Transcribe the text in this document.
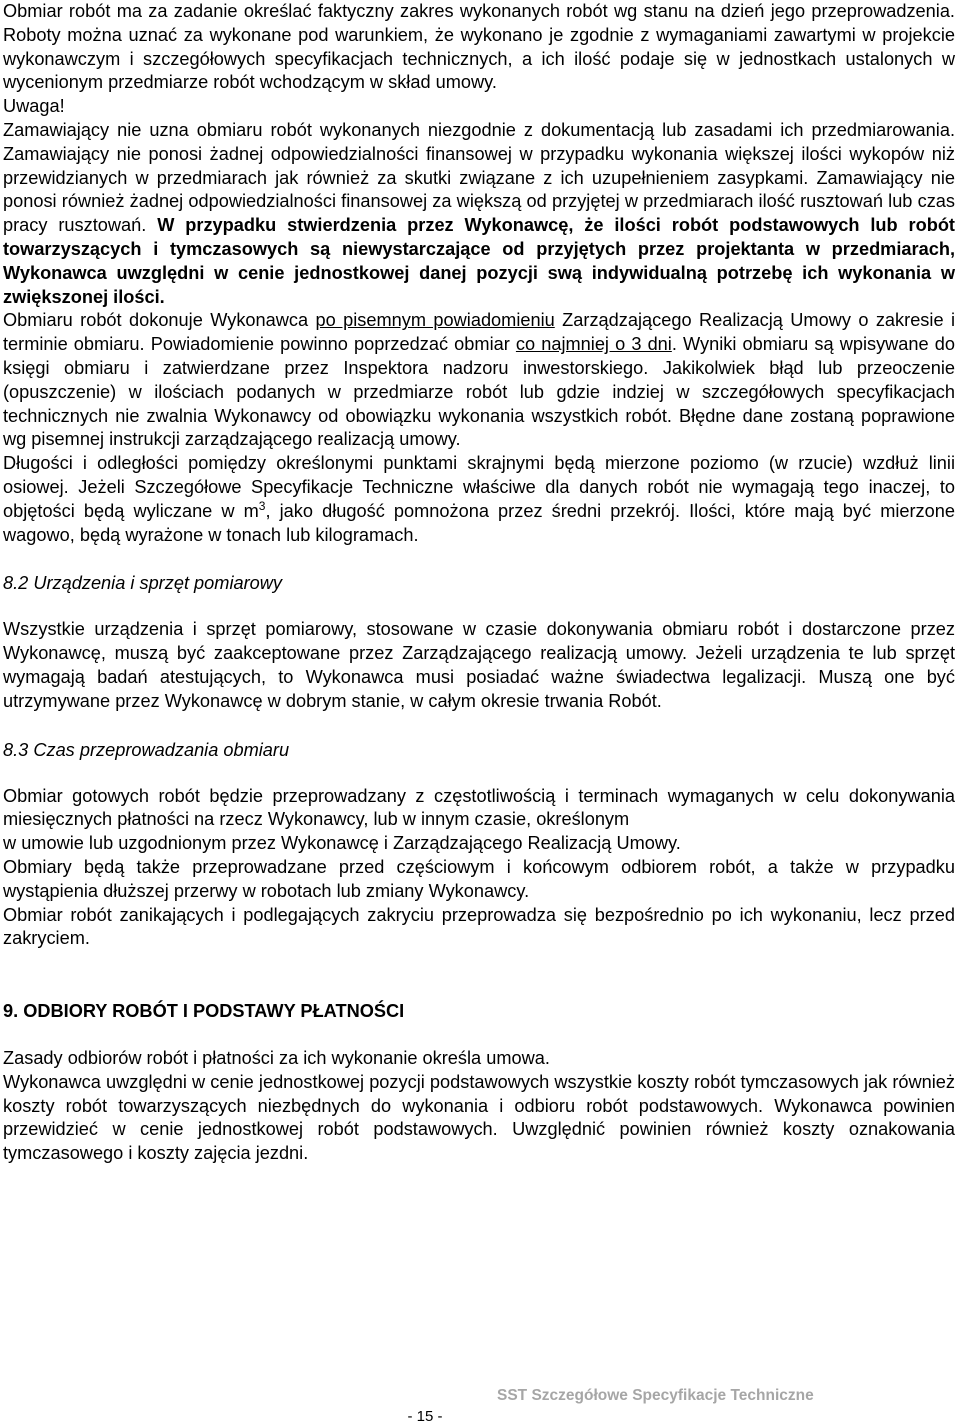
Obmiar robót ma za zadanie określać faktyczny zakres wykonanych robót wg stanu na dzień jego przeprowadzenia. Roboty można uznać za wykonane pod warunkiem, że wykonano je zgodnie z wymaganiami zawartymi w projekcie wykonawczym i szczegółowych specyfikacjach technicznych, a ich ilość podaje się w jednostkach ustalonych w wycenionym przedmiarze robót wchodzącym w skład umowy.

Uwaga!

Zamawiający nie uzna obmiaru robót wykonanych niezgodnie z dokumentacją lub zasadami ich przedmiarowania. Zamawiający nie ponosi żadnej odpowiedzialności finansowej w przypadku wykonania większej ilości wykopów niż przewidzianych w przedmiarach jak również za skutki związane z ich uzupełnieniem zasypkami. Zamawiający nie ponosi również żadnej odpowiedzialności finansowej za większą od przyjętej w przedmiarach ilość rusztowań lub czas pracy rusztowań. W przypadku stwierdzenia przez Wykonawcę, że ilości robót podstawowych lub robót towarzyszących i tymczasowych są niewystarczające od przyjętych przez projektanta w przedmiarach, Wykonawca uwzględni w cenie jednostkowej danej pozycji swą indywidualną potrzebę ich wykonania w zwiększonej ilości.

Obmiaru robót dokonuje Wykonawca po pisemnym powiadomieniu Zarządzającego Realizacją Umowy o zakresie i terminie obmiaru. Powiadomienie powinno poprzedzać obmiar co najmniej o 3 dni. Wyniki obmiaru są wpisywane do księgi obmiaru i zatwierdzane przez Inspektora nadzoru inwestorskiego. Jakikolwiek błąd lub przeoczenie (opuszczenie) w ilościach podanych w przedmiarze robót lub gdzie indziej w szczegółowych specyfikacjach technicznych nie zwalnia Wykonawcy od obowiązku wykonania wszystkich robót. Błędne dane zostaną poprawione wg pisemnej instrukcji zarządzającego realizacją umowy.

Długości i odległości pomiędzy określonymi punktami skrajnymi będą mierzone poziomo (w rzucie) wzdłuż linii osiowej. Jeżeli Szczegółowe Specyfikacje Techniczne właściwe dla danych robót nie wymagają tego inaczej, to objętości będą wyliczane w $m^3$, jako długość pomnożona przez średni przekrój. Ilości, które mają być mierzone wagowo, będą wyrażone w tonach lub kilogramach.

8.2 Urządzenia i sprzęt pomiarowy

Wszystkie urządzenia i sprzęt pomiarowy, stosowane w czasie dokonywania obmiaru robót i dostarczone przez Wykonawcę, muszą być zaakceptowane przez Zarządzającego realizacją umowy. Jeżeli urządzenia te lub sprzęt wymagają badań atestujących, to Wykonawca musi posiadać ważne świadectwa legalizacji. Muszą one być utrzymywane przez Wykonawcę w dobrym stanie, w całym okresie trwania Robót.

8.3 Czas przeprowadzania obmiaru

Obmiar gotowych robót będzie przeprowadzany z częstotliwością i terminach wymaganych w celu dokonywania miesięcznych płatności na rzecz Wykonawcy, lub w innym czasie, określonym

w umowie lub uzgodnionym przez Wykonawcę i Zarządzającego Realizacją Umowy.

Obmiary będą także przeprowadzane przed częściowym i końcowym odbiorem robót, a także w przypadku wystąpienia dłuższej przerwy w robotach lub zmiany Wykonawcy.

Obmiar robót zanikających i podlegających zakryciu przeprowadza się bezpośrednio po ich wykonaniu, lecz przed zakryciem.

9. ODBIORY ROBÓT I PODSTAWY PŁATNOŚCI

Zasady odbiorów robót i płatności za ich wykonanie określa umowa.

Wykonawca uwzględni w cenie jednostkowej pozycji podstawowych wszystkie koszty robót tymczasowych jak również koszty robót towarzyszących niezbędnych do wykonania i odbioru robót podstawowych. Wykonawca powinien przewidzieć w cenie jednostkowej robót podstawowych. Uwzględnić powinien również koszty oznakowania tymczasowego i koszty zajęcia jezdni.

SST Szczegółowe Specyfikacje Techniczne
- 15 -
